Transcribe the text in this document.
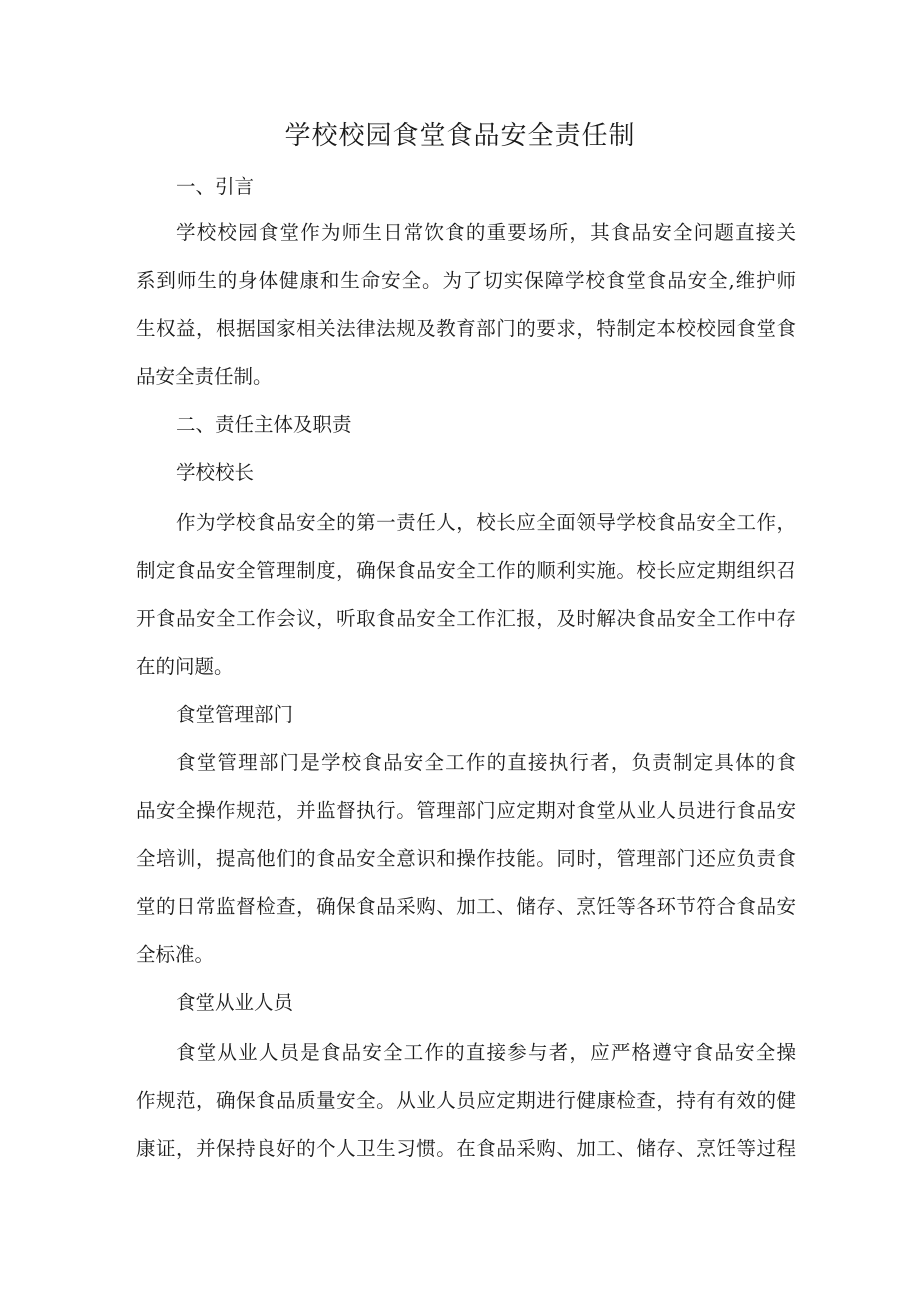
学校校园食堂食品安全责任制

一、引言

学校校园食堂作为师生日常饮食的重要场所，其食品安全问题直接关

系到师生的身体健康和生命安全。为了切实保障学校食堂食品安全,维护师

生权益，根据国家相关法律法规及教育部门的要求，特制定本校校园食堂食

品安全责任制。

二、责任主体及职责

学校校长

作为学校食品安全的第一责任人，校长应全面领导学校食品安全工作，

制定食品安全管理制度，确保食品安全工作的顺利实施。校长应定期组织召

开食品安全工作会议，听取食品安全工作汇报，及时解决食品安全工作中存

在的问题。

食堂管理部门

食堂管理部门是学校食品安全工作的直接执行者，负责制定具体的食

品安全操作规范，并监督执行。管理部门应定期对食堂从业人员进行食品安

全培训，提高他们的食品安全意识和操作技能。同时，管理部门还应负责食

堂的日常监督检查，确保食品采购、加工、储存、烹饪等各环节符合食品安

全标准。

食堂从业人员

食堂从业人员是食品安全工作的直接参与者，应严格遵守食品安全操

作规范，确保食品质量安全。从业人员应定期进行健康检查，持有有效的健

康证，并保持良好的个人卫生习惯。在食品采购、加工、储存、烹饪等过程
